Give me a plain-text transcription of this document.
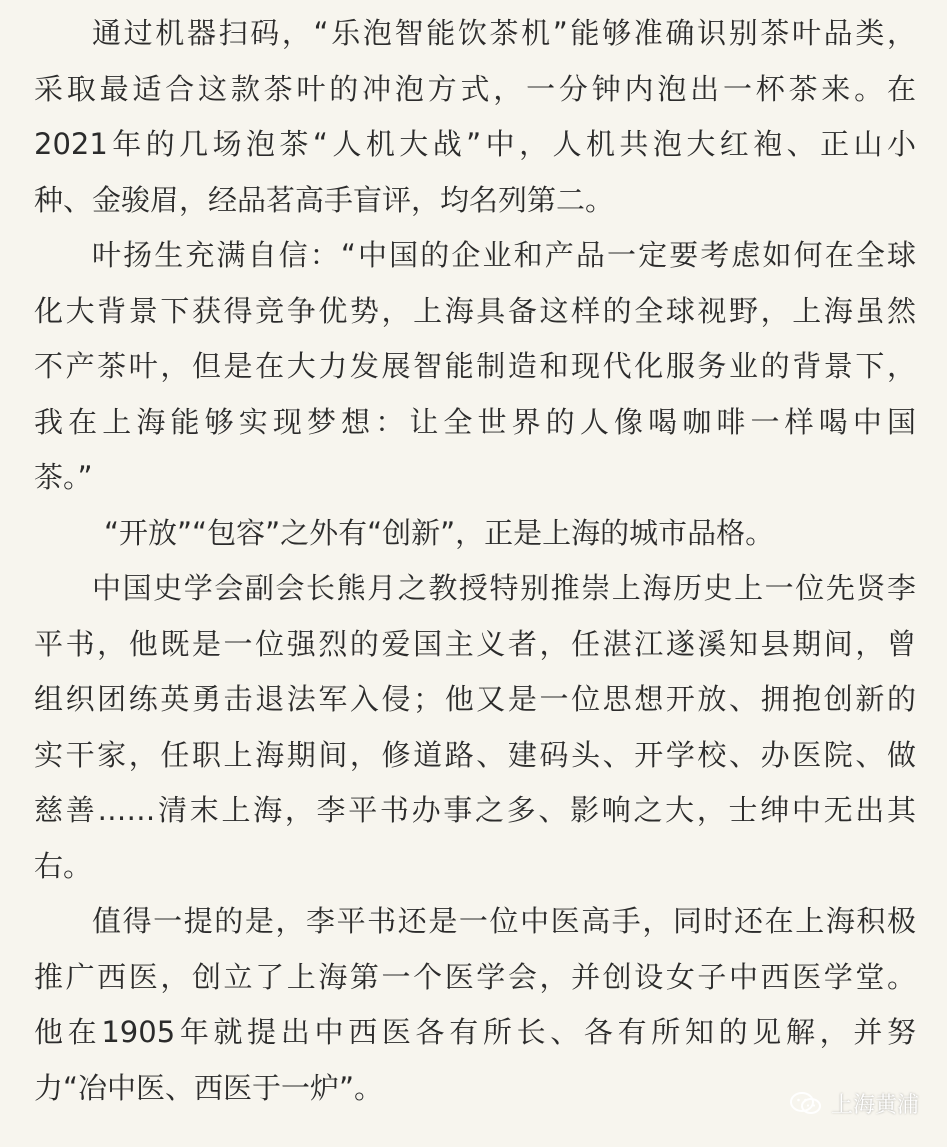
通过机器扫码，“乐泡智能饮茶机”能够准确识别茶叶品类，
采取最适合这款茶叶的冲泡方式，一分钟内泡出一杯茶来。在
2021年的几场泡茶“人机大战”中，人机共泡大红袍、正山小
种、金骏眉，经品茗高手盲评，均名列第二。
叶扬生充满自信：“中国的企业和产品一定要考虑如何在全球
化大背景下获得竞争优势，上海具备这样的全球视野，上海虽然
不产茶叶，但是在大力发展智能制造和现代化服务业的背景下，
我在上海能够实现梦想：让全世界的人像喝咖啡一样喝中国
茶。”
“开放”“包容”之外有“创新”，正是上海的城市品格。
中国史学会副会长熊月之教授特别推崇上海历史上一位先贤李
平书，他既是一位强烈的爱国主义者，任湛江遂溪知县期间，曾
组织团练英勇击退法军入侵；他又是一位思想开放、拥抱创新的
实干家，任职上海期间，修道路、建码头、开学校、办医院、做
慈善……清末上海，李平书办事之多、影响之大，士绅中无出其
右。
值得一提的是，李平书还是一位中医高手，同时还在上海积极
推广西医，创立了上海第一个医学会，并创设女子中西医学堂。
他在1905年就提出中西医各有所长、各有所知的见解，并努
力“冶中医、西医于一炉”。
上海黄浦
